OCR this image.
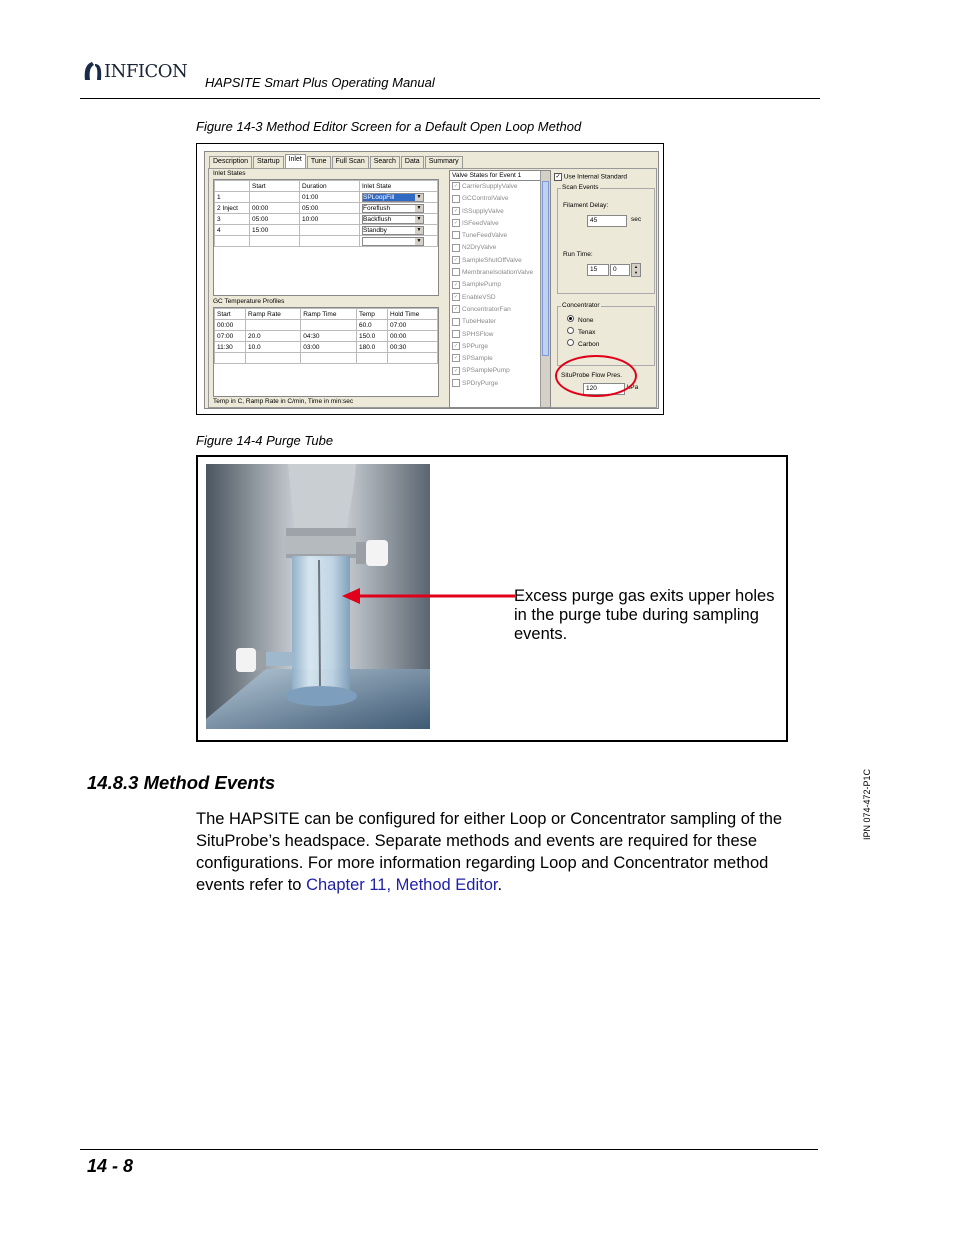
INFICON
HAPSITE Smart Plus Operating Manual
Figure 14-3 Method Editor Screen for a Default Open Loop Method
Description	Startup	Inlet	Tune	Full Scan	Search	Data	Summary
Inlet States
	Start	Duration	Inlet State
1		01:00	SPLoopFill ▼

2 Inject	00:00	05:00	Foreflush ▼

3	05:00	10:00	Backflush ▼

4	15:00		Standby ▼

			▼
GC Temperature Profiles
Start	Ramp Rate	Ramp Time	Temp	Hold Time
00:00			60.0	07:00
07:00	20.0	04:30	150.0	00:00
11:30	10.0	03:00	180.0	00:30

Temp in C, Ramp Rate in C/min, Time in min:sec
Valve States for Event 1
✓ CarrierSupplyValve
GCControlValve
✓ ISSupplyValve
✓ ISFeedValve
TuneFeedValve
N2DryValve
✓ SampleShutOffValve
MembraneIsolationValve
✓ SamplePump
✓ EnableVSD
✓ ConcentratorFan
TubeHeater
SPHSFlow
✓ SPPurge
✓ SPSample
✓ SPSamplePump
SPDryPurge
✓ Use Internal Standard
Scan Events
Filament Delay:
45	sec
Run Time:
15	0	▲
▼
Concentrator
None
Tenax
Carbon
SituProbe Flow Pres.
120	kPa
Figure 14-4 Purge Tube
Excess purge gas exits upper holes in the purge tube during sampling events.
14.8.3 Method Events
The HAPSITE can be configured for either Loop or Concentrator sampling of the SituProbe’s headspace. Separate methods and events are required for these configurations. For more information regarding Loop and Concentrator method events refer to Chapter 11, Method Editor.
IPN 074-472-P1C
14 - 8
